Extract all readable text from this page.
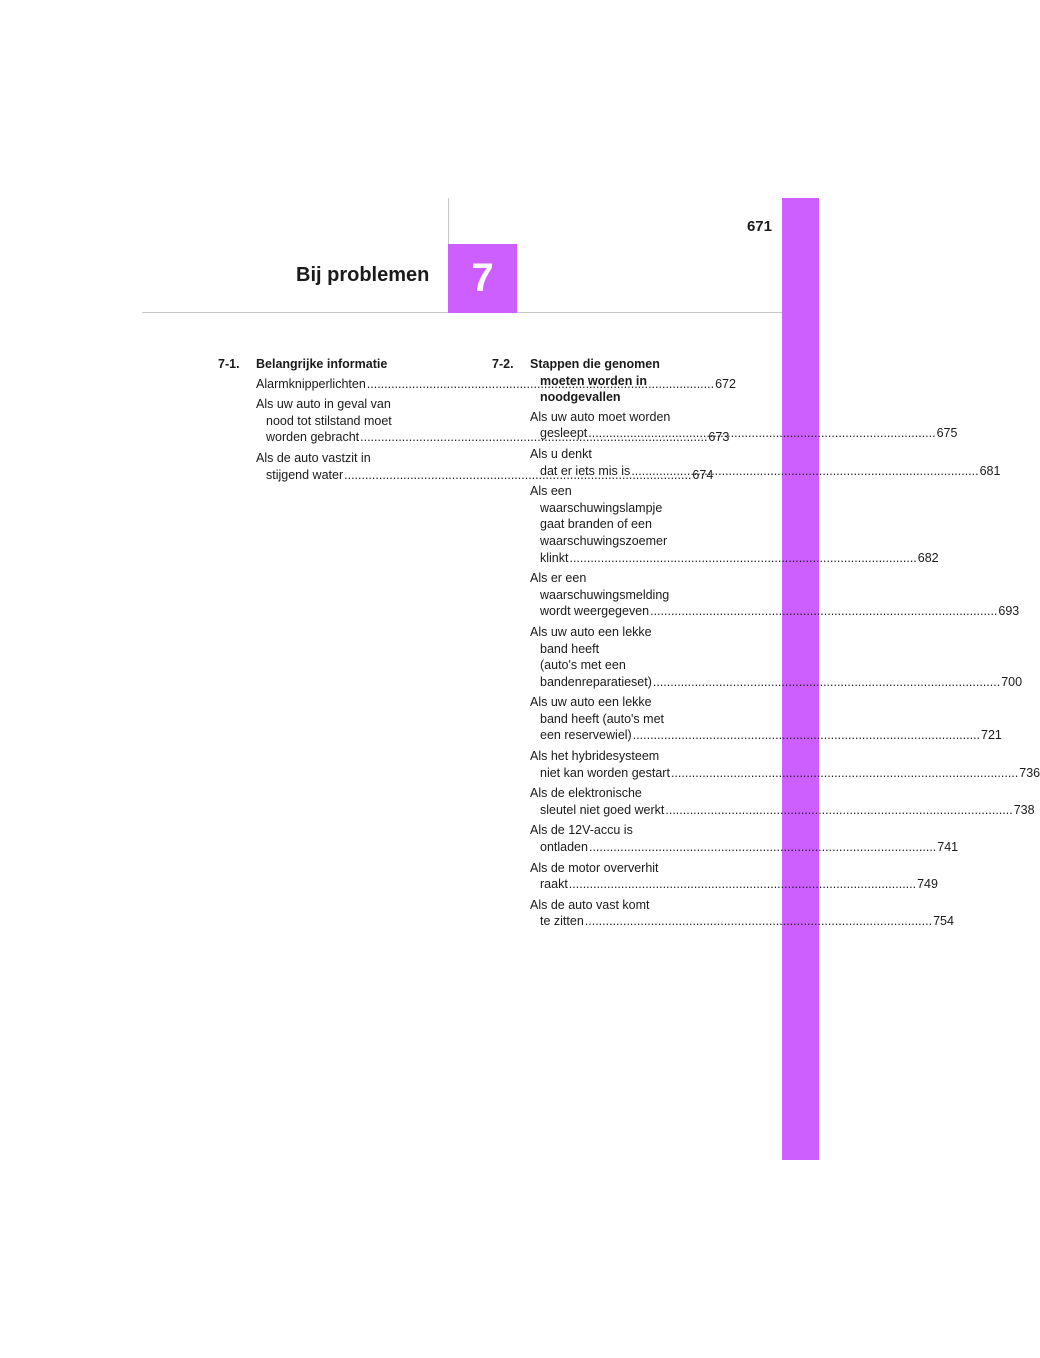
671
Bij problemen 7
7-1.	Belangrijke informatie
Alarmknipperlichten .....	672
Als uw auto in geval van
nood tot stilstand moet
worden gebracht .....	673
Als de auto vastzit in
stijgend water .....	674
7-2.	Stappen die genomen
moeten worden in
noodgevallen
Als uw auto moet worden
gesleept .....	675
Als u denkt
dat er iets mis is .....	681
Als een
waarschuwingslampje
gaat branden of een
waarschuwingszoemer
klinkt .....	682
Als er een
waarschuwingsmelding
wordt weergegeven .....	693
Als uw auto een lekke
band heeft
(auto's met een
bandenreparatieset) .....	700
Als uw auto een lekke
band heeft (auto's met
een reservewiel) .....	721
Als het hybridesysteem
niet kan worden gestart .....	736
Als de elektronische
sleutel niet goed werkt .....	738
Als de 12V-accu is
ontladen .....	741
Als de motor oververhit
raakt .....	749
Als de auto vast komt
te zitten .....	754
